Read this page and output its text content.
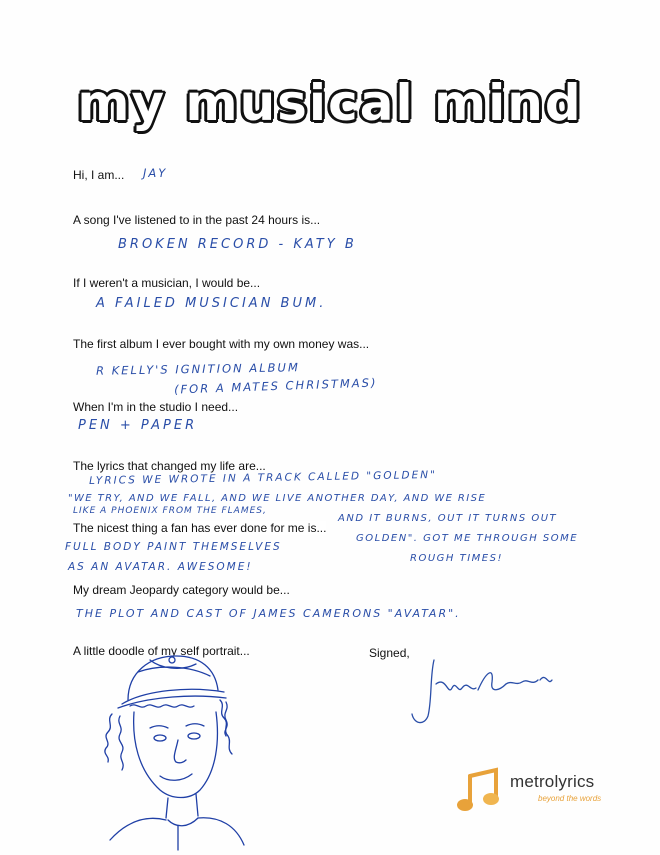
my musical mind
Hi, I am... JAY
A song I've listened to in the past 24 hours is...
BROKEN RECORD - KATY B
If I weren't a musician, I would be...
A FAILED MUSICIAN BUM.
The first album I ever bought with my own money was...
R KELLY'S IGNITION ALBUM
(FOR A MATES CHRISTMAS)
When I'm in the studio I need...
PEN + PAPER
The lyrics that changed my life are...
LYRICS WE WROTE IN A TRACK CALLED "GOLDEN"
"WE TRY, AND WE FALL, AND WE LIVE ANOTHER DAY, AND WE RISE
LIKE A PHOENIX FROM THE FLAMES,
AND IT BURNS, OUT IT TURNS OUT
GOLDEN". GOT ME THROUGH SOME
ROUGH TIMES!
The nicest thing a fan has ever done for me is...
FULL BODY PAINT THEMSELVES
AS AN AVATAR. AWESOME!
My dream Jeopardy category would be...
THE PLOT AND CAST OF JAMES CAMERONS "AVATAR".
A little doodle of my self portrait...	Signed,
metrolyrics
beyond the words
